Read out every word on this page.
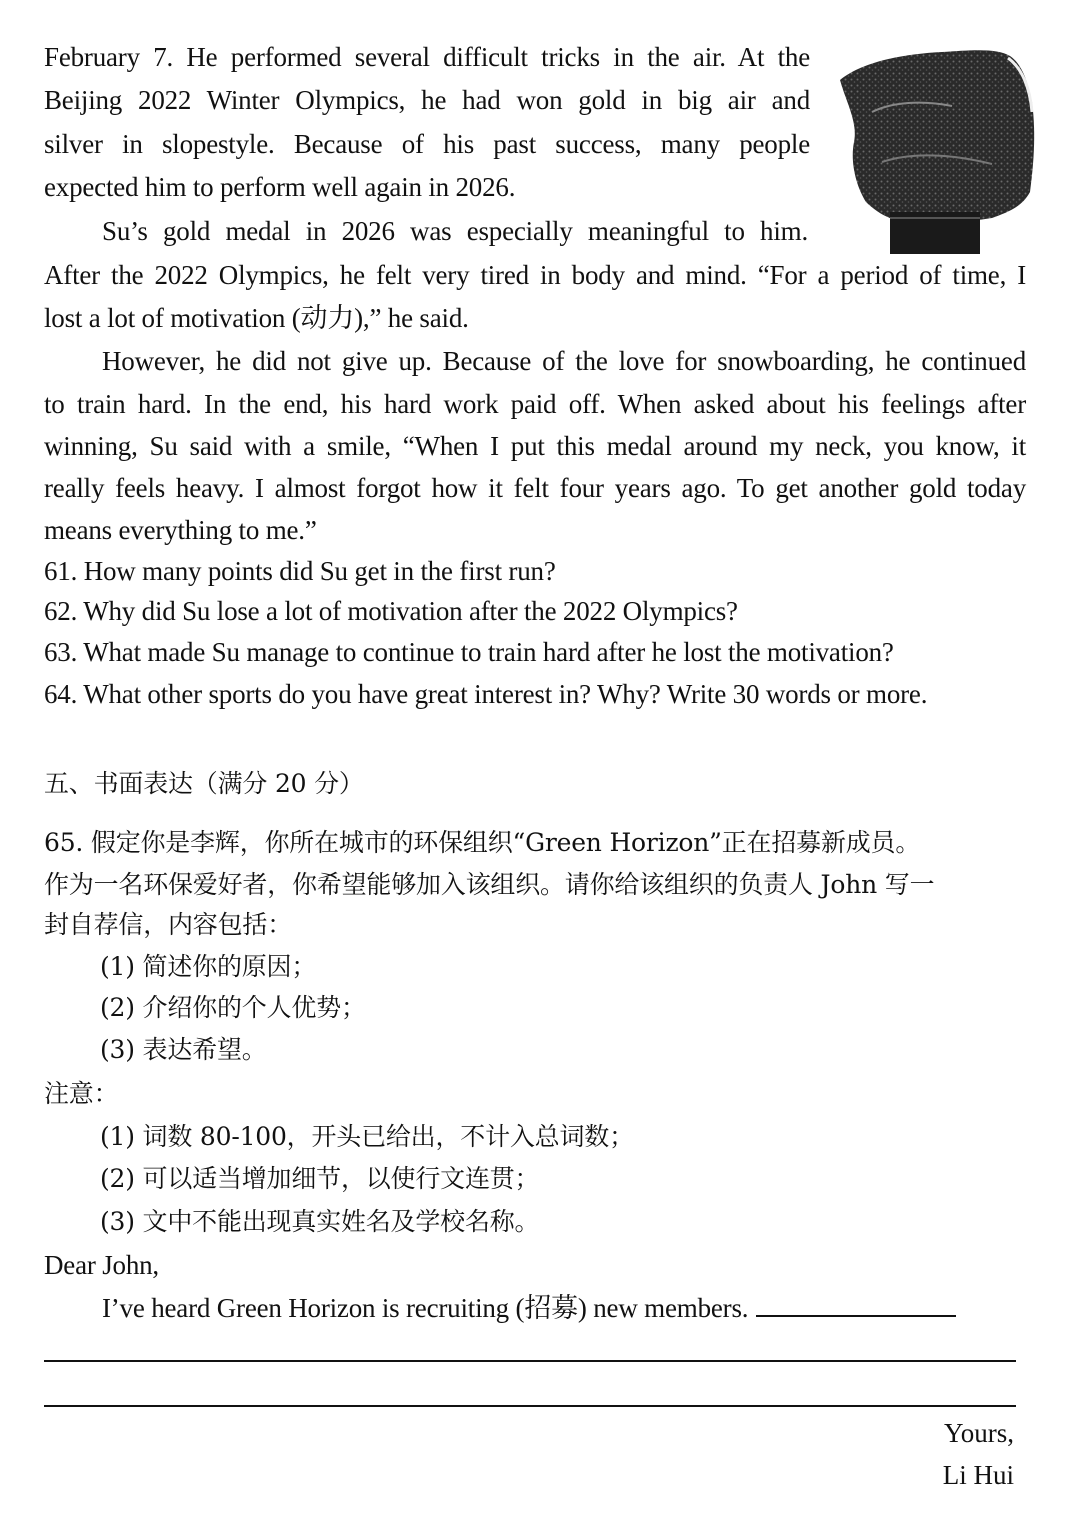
February 7. He performed several difficult tricks in the air. At the
Beijing 2022 Winter Olympics, he had won gold in big air and
silver in slopestyle. Because of his past success, many people
expected him to perform well again in 2026.
Su’s gold medal in 2026 was especially meaningful to him.
After the 2022 Olympics, he felt very tired in body and mind. “For a period of time, I
lost a lot of motivation (动力),” he said.
However, he did not give up. Because of the love for snowboarding, he continued
to train hard. In the end, his hard work paid off. When asked about his feelings after
winning, Su said with a smile, “When I put this medal around my neck, you know, it
really feels heavy. I almost forgot how it felt four years ago. To get another gold today
means everything to me.”
61. How many points did Su get in the first run?
62. Why did Su lose a lot of motivation after the 2022 Olympics?
63. What made Su manage to continue to train hard after he lost the motivation?
64. What other sports do you have great interest in? Why? Write 30 words or more.
五、书面表达（满分 20 分）
65. 假定你是李辉，你所在城市的环保组织“Green Horizon”正在招募新成员。
作为一名环保爱好者，你希望能够加入该组织。请你给该组织的负责人 John 写一
封自荐信，内容包括：
(1) 简述你的原因；
(2) 介绍你的个人优势；
(3) 表达希望。
注意：
(1) 词数 80-100，开头已给出，不计入总词数；
(2) 可以适当增加细节，以使行文连贯；
(3) 文中不能出现真实姓名及学校名称。
Dear John,
I’ve heard Green Horizon is recruiting (招募) new members.
Yours,
Li Hui
